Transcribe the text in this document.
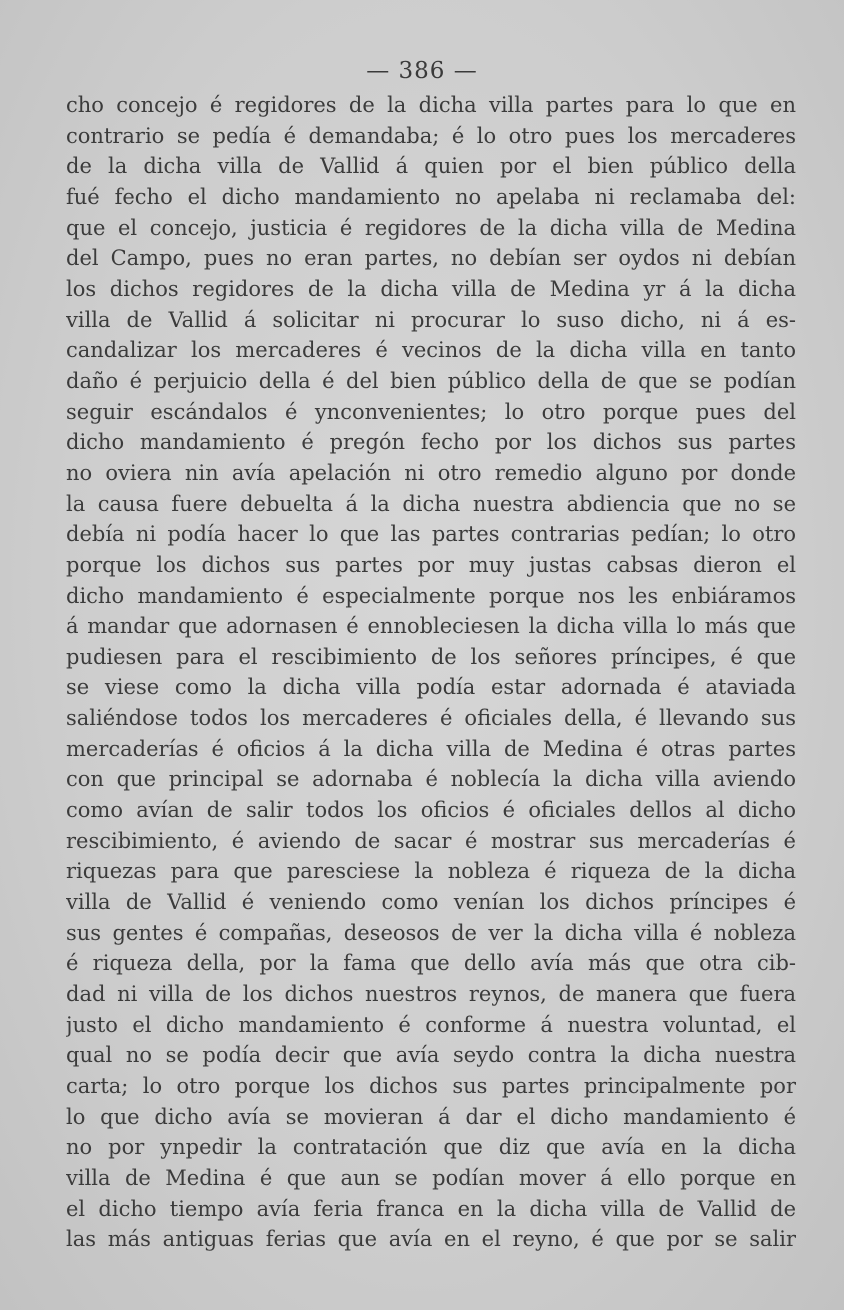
— 386 —
cho concejo é regidores de la dicha villa partes para lo que en
contrario se pedía é demandaba; é lo otro pues los mercaderes
de la dicha villa de Vallid á quien por el bien público della
fué fecho el dicho mandamiento no apelaba ni reclamaba del:
que el concejo, justicia é regidores de la dicha villa de Medina
del Campo, pues no eran partes, no debían ser oydos ni debían
los dichos regidores de la dicha villa de Medina yr á la dicha
villa de Vallid á solicitar ni procurar lo suso dicho, ni á es-
candalizar los mercaderes é vecinos de la dicha villa en tanto
daño é perjuicio della é del bien público della de que se podían
seguir escándalos é ynconvenientes; lo otro porque pues del
dicho mandamiento é pregón fecho por los dichos sus partes
no oviera nin avía apelación ni otro remedio alguno por donde
la causa fuere debuelta á la dicha nuestra abdiencia que no se
debía ni podía hacer lo que las partes contrarias pedían; lo otro
porque los dichos sus partes por muy justas cabsas dieron el
dicho mandamiento é especialmente porque nos les enbiáramos
á mandar que adornasen é ennobleciesen la dicha villa lo más que
pudiesen para el rescibimiento de los señores príncipes, é que
se viese como la dicha villa podía estar adornada é ataviada
saliéndose todos los mercaderes é oficiales della, é llevando sus
mercaderías é oficios á la dicha villa de Medina é otras partes
con que principal se adornaba é noblecía la dicha villa aviendo
como avían de salir todos los oficios é oficiales dellos al dicho
rescibimiento, é aviendo de sacar é mostrar sus mercaderías é
riquezas para que paresciese la nobleza é riqueza de la dicha
villa de Vallid é veniendo como venían los dichos príncipes é
sus gentes é compañas, deseosos de ver la dicha villa é nobleza
é riqueza della, por la fama que dello avía más que otra cib-
dad ni villa de los dichos nuestros reynos, de manera que fuera
justo el dicho mandamiento é conforme á nuestra voluntad, el
qual no se podía decir que avía seydo contra la dicha nuestra
carta; lo otro porque los dichos sus partes principalmente por
lo que dicho avía se movieran á dar el dicho mandamiento é
no por ynpedir la contratación que diz que avía en la dicha
villa de Medina é que aun se podían mover á ello porque en
el dicho tiempo avía feria franca en la dicha villa de Vallid de
las más antiguas ferias que avía en el reyno, é que por se salir
